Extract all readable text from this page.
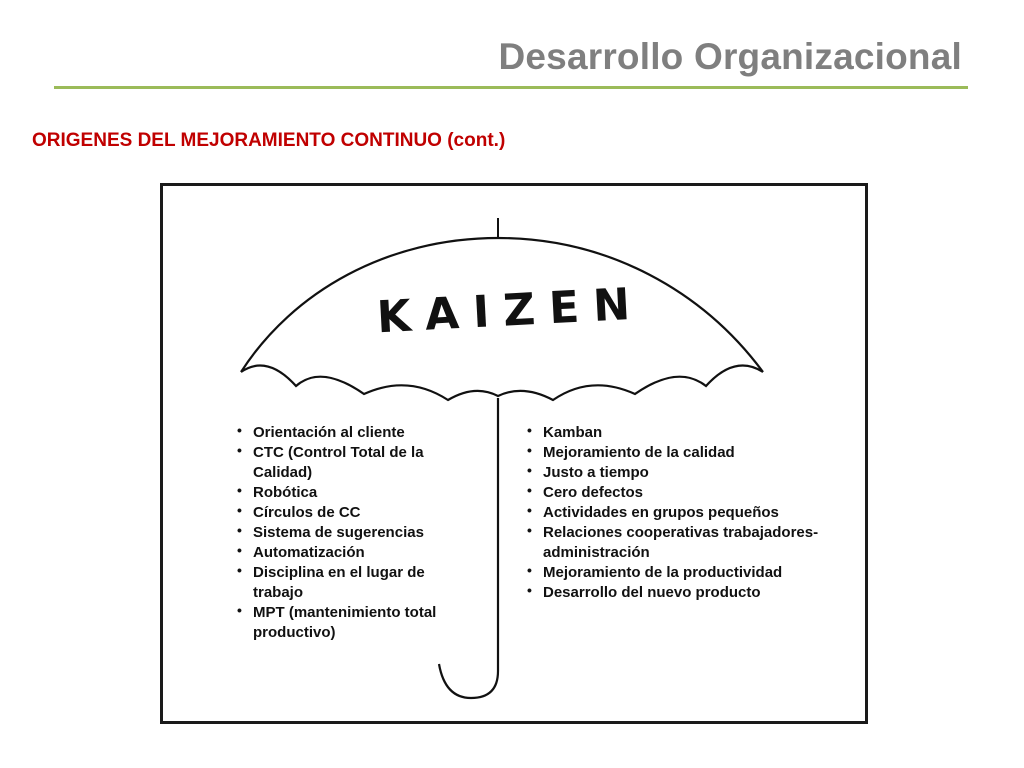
Desarrollo Organizacional
ORIGENES DEL MEJORAMIENTO CONTINUO (cont.)
KAIZEN
• Orientación al cliente
• CTC (Control Total de la Calidad)
• Robótica
• Círculos de CC
• Sistema de sugerencias
• Automatización
• Disciplina en el lugar de trabajo
• MPT (mantenimiento total productivo)
• Kamban
• Mejoramiento de la calidad
• Justo a tiempo
• Cero defectos
• Actividades en grupos pequeños
• Relaciones cooperativas trabajadores-administración
• Mejoramiento de la productividad
• Desarrollo del nuevo producto
